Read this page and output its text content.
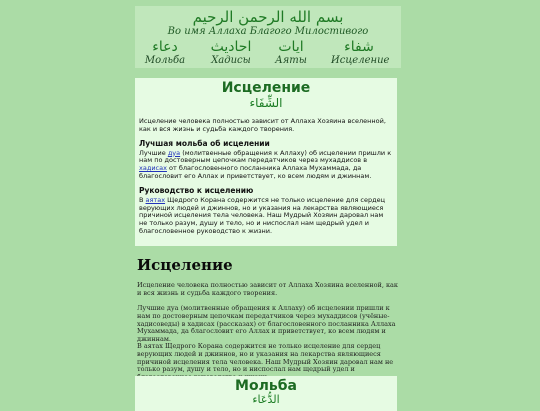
بسم الله الرحمن الرحيم
Во имя Аллаха Благого Милостивого
دعاء
Мольба
احاديث
Хадисы
ايات
Аяты
شفاء
Исцеление
Исцеление
الشِّفَاء

Исцеление человека полностью зависит от Аллаха Хозяина вселенной, как и вся жизнь и судьба каждого творения.

Лучшая мольба об исцелении

Лучшие дуа (молитвенные обращения к Аллаху) об исцелении пришли к нам по достоверным цепочкам передатчиков через мухаддисов в хадисах от благословенного посланника Аллаха Мухаммада, да благословит его Аллах и приветствует, ко всем людям и джиннам.

Руководство к исцелению

В аятах Щедрого Корана содержится не только исцеление для сердец верующих людей и джиннов, но и указания на лекарства являющиеся причиной исцеления тела человека. Наш Мудрый Хозяин даровал нам не только разум, душу и тело, но и ниспослал нам щедрый удел и благословенное руководство к жизни.

Исцеление

Исцеление человека полностью зависит от Аллаха Хозяина вселенной, как и вся жизнь и судьба каждого творения.

Лучшие дуа (молитвенные обращения к Аллаху) об исцелении пришли к нам по достоверным цепочкам передатчиков через мухаддисов (учёные-хадисоведы) в хадисах (рассказах) от благословенного посланника Аллаха Мухаммада, да благословит его Аллах и приветствует, ко всем людям и джиннам.

В аятах Щедрого Корана содержится не только исцеление для сердец верующих людей и джиннов, но и указания на лекарства являющиеся причиной исцеления тела человека. Наш Мудрый Хозяин даровал нам не только разум, душу и тело, но и ниспослал нам щедрый удел и

Мольба
الدُّعَاء
